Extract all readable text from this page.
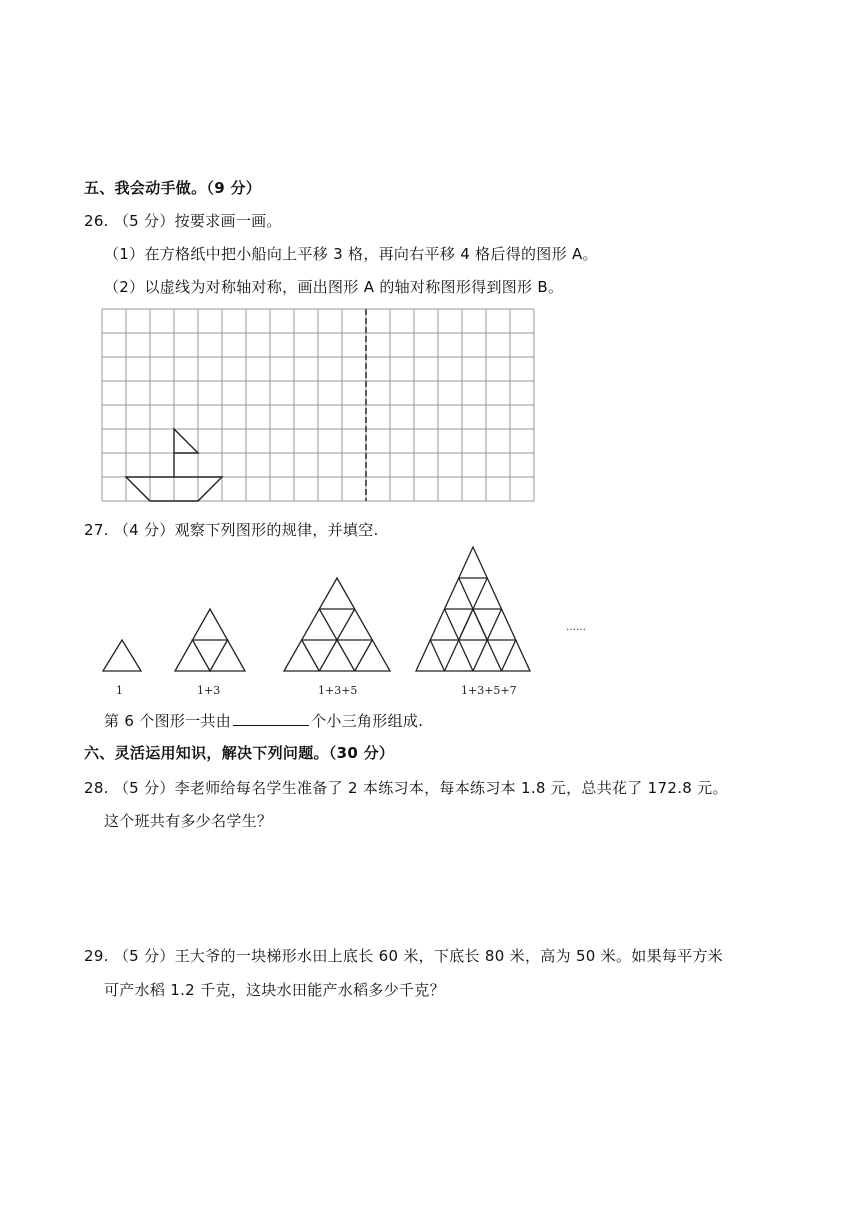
五、我会动手做。（9 分）
26. （5 分）按要求画一画。
（1）在方格纸中把小船向上平移 3 格，再向右平移 4 格后得的图形 A。
（2）以虚线为对称轴对称，画出图形 A 的轴对称图形得到图形 B。
27. （4 分）观察下列图形的规律，并填空.
1	1+3	1+3+5	1+3+5+7
……
第 6 个图形一共由	个小三角形组成.
六、灵活运用知识，解决下列问题。（30 分）
28. （5 分）李老师给每名学生准备了 2 本练习本，每本练习本 1.8 元，总共花了 172.8 元。
这个班共有多少名学生？
29. （5 分）王大爷的一块梯形水田上底长 60 米，下底长 80 米，高为 50 米。如果每平方米
可产水稻 1.2 千克，这块水田能产水稻多少千克？
